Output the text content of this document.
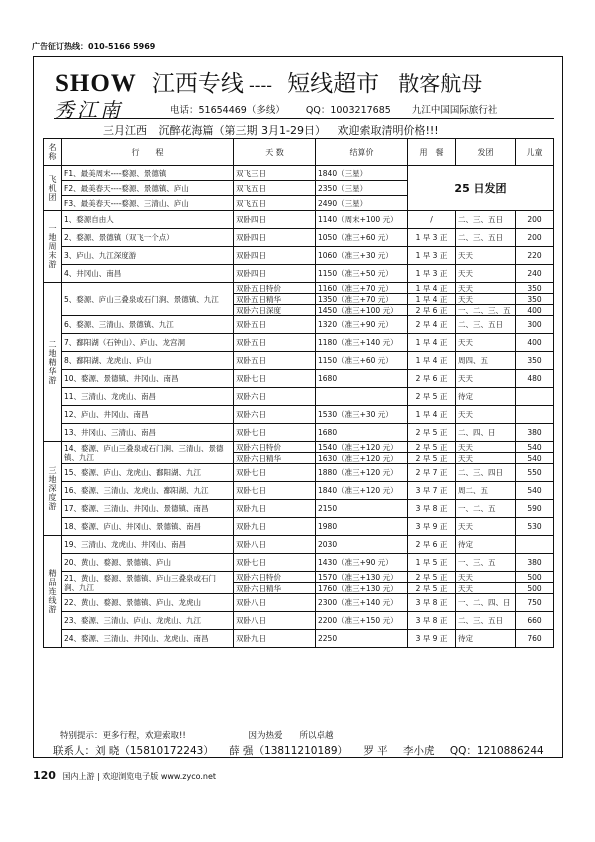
广告征订热线：010-5166 5969
SHOW 江西专线 ---- 短线超市 散客航母
秀江南	电话：51654469（多线） QQ：1003217685 九江中国国际旅行社
三月江西 沉醉花海篇（第三期 3月1-29日） 欢迎索取清明价格!!!
名称	行　　程	天 数	结算价	用　餐	发团	儿童
飞
机
团	F1、最美周末----婺源、景德镇	双飞三日	1840（三星）	25 日发团		
	F2、最美春天----婺源、景德镇、庐山	双飞五日	2350（三星）			
	F3、最美春天----婺源、三清山、庐山	双飞五日	2490（三星）			
一
地
周
末
游	1、婺源自由人	双卧四日	1140（周末+100 元）	/	二、三、五日	200
	2、婺源、景德镇（双飞一个点）	双卧四日	1050（准三+60 元）	1 早 3 正	二、三、五日	200
	3、庐山、九江深度游	双卧四日	1060（准三+30 元）	1 早 3 正	天天	220
	4、井冈山、南昌	双卧四日	1150（准三+50 元）	1 早 3 正	天天	240
二
地
精
华
游	5、婺源、庐山三叠泉或石门涧、景德镇、九江	双卧五日特价	1160（准三+70 元）	1 早 4 正	天天	350
		双卧五日精华	1350（准三+70 元）	1 早 4 正	天天	350
		双卧六日深度	1450（准三+100 元）	2 早 6 正	一、二、三、五	400
	6、婺源、三清山、景德镇、九江	双卧五日	1320（准三+90 元）	2 早 4 正	二、三、五日	300
	7、鄱阳湖（石钟山）、庐山、龙宫洞	双卧五日	1180（准三+140 元）	1 早 4 正	天天	400
	8、鄱阳湖、龙虎山、庐山	双卧五日	1150（准三+60 元）	1 早 4 正	周四、五	350
	10、婺源、景德镇、井冈山、南昌	双卧七日	1680	2 早 6 正	天天	480
	11、三清山、龙虎山、南昌	双卧六日		2 早 5 正	待定	
	12、庐山、井冈山、南昌	双卧六日	1530（准三+30 元）	1 早 4 正	天天	
	13、井冈山、三清山、南昌	双卧七日	1680	2 早 5 正	二、四、日	380
三
地
深
度
游	14、婺源、庐山三叠泉或石门涧、三清山、景德镇、九江	双卧六日特价	1540（准三+120 元）	2 早 5 正	天天	540
		双卧六日精华	1630（准三+120 元）	2 早 5 正	天天	540
	15、婺源、庐山、龙虎山、鄱阳湖、九江	双卧七日	1880（准三+120 元）	2 早 7 正	二、三、四日	550
	16、婺源、三清山、龙虎山、鄱阳湖、九江	双卧七日	1840（准三+120 元）	3 早 7 正	周二、五	540
	17、婺源、三清山、井冈山、景德镇、南昌	双卧九日	2150	3 早 8 正	一、二、五	590
	18、婺源、庐山、井冈山、景德镇、南昌	双卧九日	1980	3 早 9 正	天天	530
精
品
连
线
游	19、三清山、龙虎山、井冈山、南昌	双卧八日	2030	2 早 6 正	待定	
	20、黄山、婺源、景德镇、庐山	双卧七日	1430（准三+90 元）	1 早 5 正	一、三、五	380
	21、黄山、婺源、景德镇、庐山三叠泉或石门涧、九江	双卧六日特价	1570（准三+130 元）	2 早 5 正	天天	500
		双卧六日精华	1760（准三+130 元）	2 早 5 正	天天	500
	22、黄山、婺源、景德镇、庐山、龙虎山	双卧八日	2300（准三+140 元）	3 早 8 正	一、二、四、日	750
	23、婺源、三清山、庐山、龙虎山、九江	双卧八日	2200（准三+150 元）	3 早 8 正	二、三、五日	660
	24、婺源、三清山、井冈山、龙虎山、南昌	双卧九日	2250	3 早 9 正	待定	760
特别提示：更多行程，欢迎索取!!	因为热爱　　所以卓越
联系人：刘 晓（15810172243） 薛 强（13811210189） 罗 平 李小虎 QQ：1210886244
120 国内上游 | 欢迎浏览电子版 www.zyco.net
